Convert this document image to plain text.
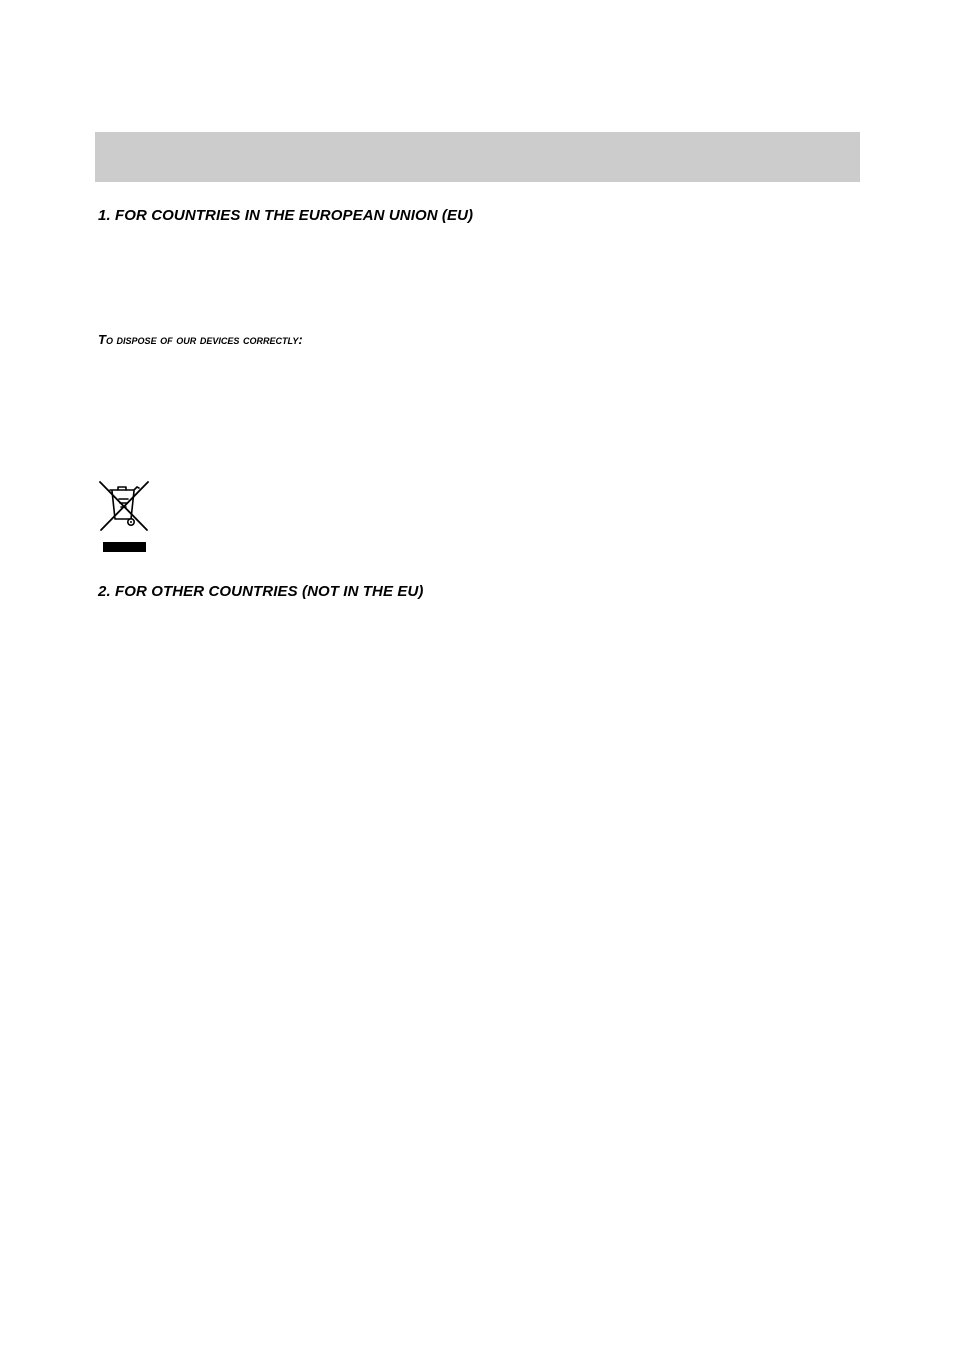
1. FOR COUNTRIES IN THE EUROPEAN UNION (EU)

To dispose of our devices correctly:

2. FOR OTHER COUNTRIES (NOT IN THE EU)
